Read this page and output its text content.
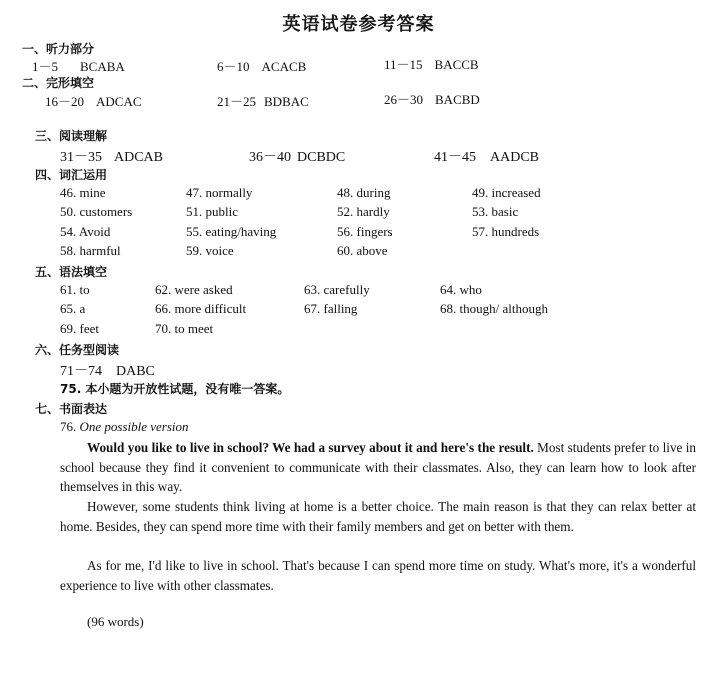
英语试卷参考答案
一、听力部分
1－5 BCABA	6－10 ACACB	11－15 BACCB
二、完形填空
16－20 ADCAC	21－25 BDBAC	26－30 BACBD
三、阅读理解
31－35 ADCAB	36－40 DCBDC	41－45 AADCB
四、词汇运用
46. mine	47. normally	48. during	49. increased
50. customers	51. public	52. hardly	53. basic
54. Avoid	55. eating/having	56. fingers	57. hundreds
58. harmful	59. voice	60. above
五、语法填空
61. to	62. were asked	63. carefully	64. who
65. a	66. more difficult	67. falling	68. though/ although
69. feet	70. to meet
六、任务型阅读
71－74 DABC
75. 本小题为开放性试题，没有唯一答案。
七、书面表达
76. One possible version
Would you like to live in school? We had a survey about it and here's the result. Most students prefer to live in school because they find it convenient to communicate with their classmates. Also, they can learn how to look after themselves in this way.
However, some students think living at home is a better choice. The main reason is that they can relax better at home. Besides, they can spend more time with their family members and get on better with them.
As for me, I'd like to live in school. That's because I can spend more time on study. What's more, it's a wonderful experience to live with other classmates.
(96 words)
